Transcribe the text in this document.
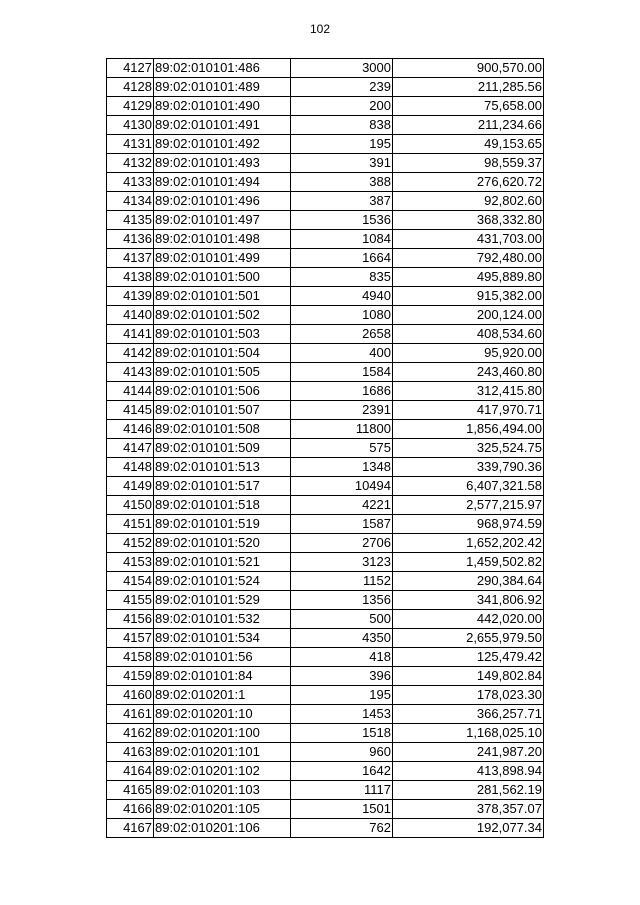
102
4127	89:02:010101:486	3000	900,570.00
4128	89:02:010101:489	239	211,285.56
4129	89:02:010101:490	200	75,658.00
4130	89:02:010101:491	838	211,234.66
4131	89:02:010101:492	195	49,153.65
4132	89:02:010101:493	391	98,559.37
4133	89:02:010101:494	388	276,620.72
4134	89:02:010101:496	387	92,802.60
4135	89:02:010101:497	1536	368,332.80
4136	89:02:010101:498	1084	431,703.00
4137	89:02:010101:499	1664	792,480.00
4138	89:02:010101:500	835	495,889.80
4139	89:02:010101:501	4940	915,382.00
4140	89:02:010101:502	1080	200,124.00
4141	89:02:010101:503	2658	408,534.60
4142	89:02:010101:504	400	95,920.00
4143	89:02:010101:505	1584	243,460.80
4144	89:02:010101:506	1686	312,415.80
4145	89:02:010101:507	2391	417,970.71
4146	89:02:010101:508	11800	1,856,494.00
4147	89:02:010101:509	575	325,524.75
4148	89:02:010101:513	1348	339,790.36
4149	89:02:010101:517	10494	6,407,321.58
4150	89:02:010101:518	4221	2,577,215.97
4151	89:02:010101:519	1587	968,974.59
4152	89:02:010101:520	2706	1,652,202.42
4153	89:02:010101:521	3123	1,459,502.82
4154	89:02:010101:524	1152	290,384.64
4155	89:02:010101:529	1356	341,806.92
4156	89:02:010101:532	500	442,020.00
4157	89:02:010101:534	4350	2,655,979.50
4158	89:02:010101:56	418	125,479.42
4159	89:02:010101:84	396	149,802.84
4160	89:02:010201:1	195	178,023.30
4161	89:02:010201:10	1453	366,257.71
4162	89:02:010201:100	1518	1,168,025.10
4163	89:02:010201:101	960	241,987.20
4164	89:02:010201:102	1642	413,898.94
4165	89:02:010201:103	1117	281,562.19
4166	89:02:010201:105	1501	378,357.07
4167	89:02:010201:106	762	192,077.34
